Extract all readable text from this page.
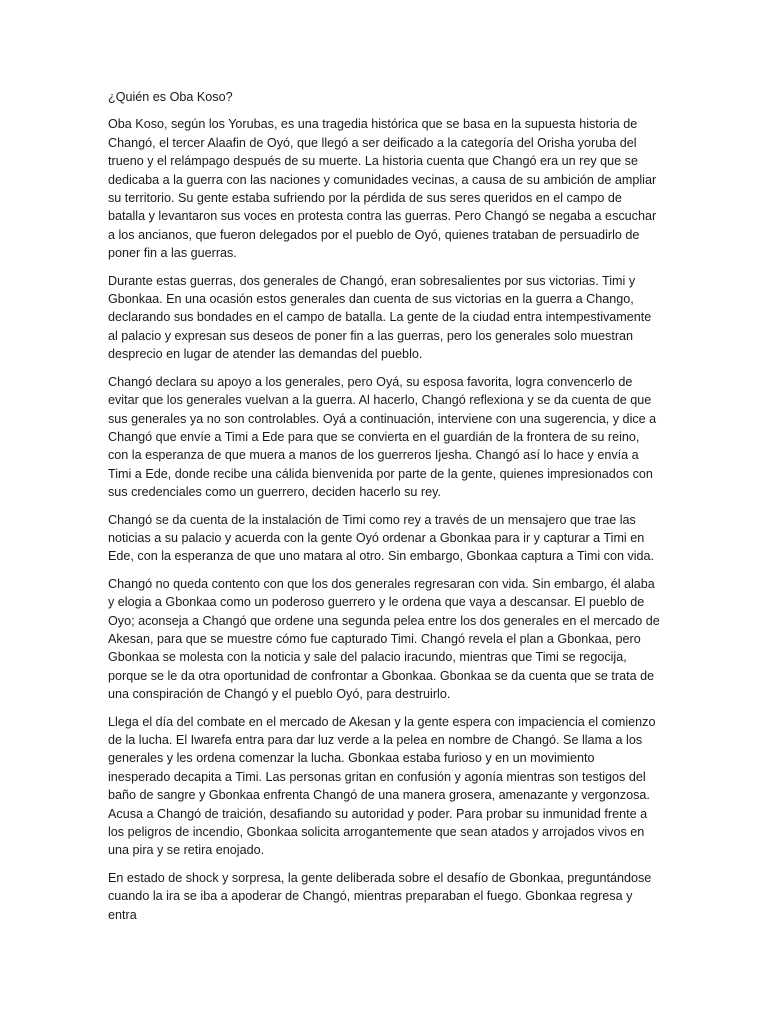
¿Quién es Oba Koso?

Oba Koso, según los Yorubas, es una tragedia histórica que se basa en la supuesta historia de Changó, el tercer Alaafin de Oyó, que llegó a ser deificado a la categoría del Orisha yoruba del trueno y el relámpago después de su muerte. La historia cuenta que Changó era un rey que se dedicaba a la guerra con las naciones y comunidades vecinas, a causa de su ambición de ampliar su territorio. Su gente estaba sufriendo por la pérdida de sus seres queridos en el campo de batalla y levantaron sus voces en protesta contra las guerras. Pero Changó se negaba a escuchar a los ancianos, que fueron delegados por el pueblo de Oyó, quienes trataban de persuadirlo de poner fin a las guerras.

Durante estas guerras, dos generales de Changó, eran sobresalientes por sus victorias. Timi y Gbonkaa. En una ocasión estos generales dan cuenta de sus victorias en la guerra a Chango, declarando sus bondades en el campo de batalla. La gente de la ciudad entra intempestivamente al palacio y expresan sus deseos de poner fin a las guerras, pero los generales solo muestran desprecio en lugar de atender las demandas del pueblo.

Changó declara su apoyo a los generales, pero Oyá, su esposa favorita, logra convencerlo de evitar que los generales vuelvan a la guerra. Al hacerlo, Changó reflexiona y se da cuenta de que sus generales ya no son controlables. Oyá a continuación, interviene con una sugerencia, y dice a Changó que envíe a Timi a Ede para que se convierta en el guardián de la frontera de su reino, con la esperanza de que muera a manos de los guerreros Ijesha. Changó así lo hace y envía a Timi a Ede, donde recibe una cálida bienvenida por parte de la gente, quienes impresionados con sus credenciales como un guerrero, deciden hacerlo su rey.

Changó se da cuenta de la instalación de Timi como rey a través de un mensajero que trae las noticias a su palacio y acuerda con la gente Oyó ordenar a Gbonkaa para ir y capturar a Timi en Ede, con la esperanza de que uno matara al otro. Sin embargo, Gbonkaa captura a Timi con vida.

Changó no queda contento con que los dos generales regresaran con vida. Sin embargo, él alaba y elogia a Gbonkaa como un poderoso guerrero y le ordena que vaya a descansar. El pueblo de Oyo; aconseja a Changó que ordene una segunda pelea entre los dos generales en el mercado de Akesan, para que se muestre cómo fue capturado Timi. Changó revela el plan a Gbonkaa, pero Gbonkaa se molesta con la noticia y sale del palacio iracundo, mientras que Timi se regocija, porque se le da otra oportunidad de confrontar a Gbonkaa. Gbonkaa se da cuenta que se trata de una conspiración de Changó y el pueblo Oyó, para destruirlo.

Llega el día del combate en el mercado de Akesan y la gente espera con impaciencia el comienzo de la lucha. El Iwarefa entra para dar luz verde a la pelea en nombre de Changó. Se llama a los generales y les ordena comenzar la lucha. Gbonkaa estaba furioso y en un movimiento inesperado decapita a Timi. Las personas gritan en confusión y agonía mientras son testigos del baño de sangre y Gbonkaa enfrenta Changó de una manera grosera, amenazante y vergonzosa. Acusa a Changó de traición, desafiando su autoridad y poder. Para probar su inmunidad frente a los peligros de incendio, Gbonkaa solicita arrogantemente que sean atados y arrojados vivos en una pira y se retira enojado.

En estado de shock y sorpresa, la gente deliberada sobre el desafío de Gbonkaa, preguntándose cuando la ira se iba a apoderar de Changó, mientras preparaban el fuego. Gbonkaa regresa y entra
